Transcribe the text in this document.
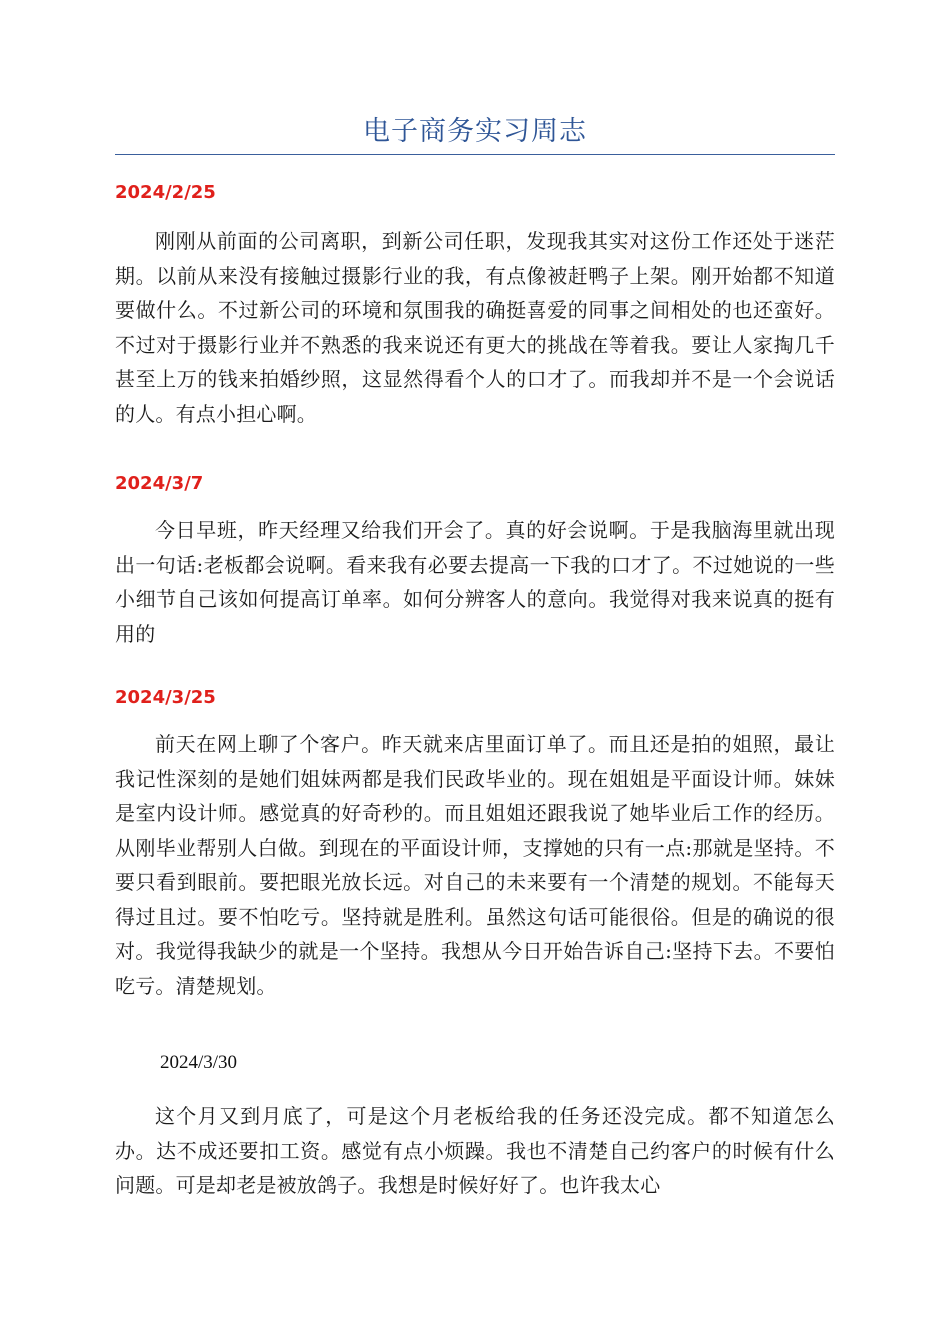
电子商务实习周志
2024/2/25

刚刚从前面的公司离职，到新公司任职，发现我其实对这份工作还处于迷茫期。以前从来没有接触过摄影行业的我，有点像被赶鸭子上架。刚开始都不知道要做什么。不过新公司的环境和氛围我的确挺喜爱的同事之间相处的也还蛮好。不过对于摄影行业并不熟悉的我来说还有更大的挑战在等着我。要让人家掏几千甚至上万的钱来拍婚纱照，这显然得看个人的口才了。而我却并不是一个会说话的人。有点小担心啊。

2024/3/7

今日早班，昨天经理又给我们开会了。真的好会说啊。于是我脑海里就出现出一句话:老板都会说啊。看来我有必要去提高一下我的口才了。不过她说的一些小细节自己该如何提高订单率。如何分辨客人的意向。我觉得对我来说真的挺有用的

2024/3/25

前天在网上聊了个客户。昨天就来店里面订单了。而且还是拍的姐照，最让我记性深刻的是她们姐妹两都是我们民政毕业的。现在姐姐是平面设计师。妹妹是室内设计师。感觉真的好奇秒的。而且姐姐还跟我说了她毕业后工作的经历。从刚毕业帮别人白做。到现在的平面设计师，支撑她的只有一点:那就是坚持。不要只看到眼前。要把眼光放长远。对自己的未来要有一个清楚的规划。不能每天得过且过。要不怕吃亏。坚持就是胜利。虽然这句话可能很俗。但是的确说的很对。我觉得我缺少的就是一个坚持。我想从今日开始告诉自己:坚持下去。不要怕吃亏。清楚规划。

2024/3/30

这个月又到月底了，可是这个月老板给我的任务还没完成。都不知道怎么办。达不成还要扣工资。感觉有点小烦躁。我也不清楚自己约客户的时候有什么问题。可是却老是被放鸽子。我想是时候好好了。也许我太心
